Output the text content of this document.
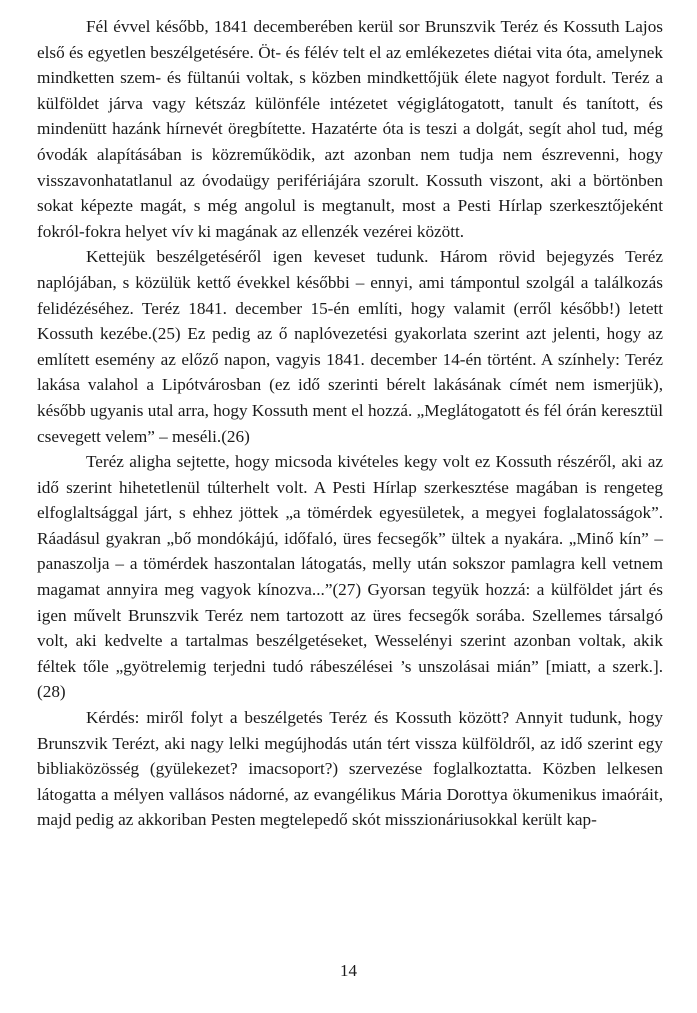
Fél évvel később, 1841 decemberében kerül sor Brunszvik Teréz és Kossuth Lajos első és egyetlen beszélgetésére. Öt- és félév telt el az emlékezetes diétai vita óta, amelynek mindketten szem- és fültanúi voltak, s közben mindkettőjük élete nagyot fordult. Teréz a külföldet járva vagy kétszáz különféle intézetet végiglátogatott, tanult és tanított, és mindenütt hazánk hírnevét öregbítette. Hazatérte óta is teszi a dolgát, segít ahol tud, még óvodák alapításában is közreműködik, azt azonban nem tudja nem észrevenni, hogy visszavonhatatlanul az óvodaügy perifériájára szorult. Kossuth viszont, aki a börtönben sokat képezte magát, s még angolul is megtanult, most a Pesti Hírlap szerkesztőjeként fokról-fokra helyet vív ki magának az ellenzék vezérei között.

Kettejük beszélgetéséről igen keveset tudunk. Három rövid bejegyzés Teréz naplójában, s közülük kettő évekkel későbbi – ennyi, ami támpontul szolgál a találkozás felidézéséhez. Teréz 1841. december 15-én említi, hogy valamit (erről később!) letett Kossuth kezébe.(25) Ez pedig az ő naplóvezetési gyakorlata szerint azt jelenti, hogy az említett esemény az előző napon, vagyis 1841. december 14-én történt. A színhely: Teréz lakása valahol a Lipótvárosban (ez idő szerinti bérelt lakásának címét nem ismerjük), később ugyanis utal arra, hogy Kossuth ment el hozzá. „Meglátogatott és fél órán keresztül csevegett velem” – meséli.(26)

Teréz aligha sejtette, hogy micsoda kivételes kegy volt ez Kossuth részéről, aki az idő szerint hihetetlenül túlterhelt volt. A Pesti Hírlap szerkesztése magában is rengeteg elfoglaltsággal járt, s ehhez jöttek „a tömérdek egyesületek, a megyei foglalatosságok”. Ráadásul gyakran „bő mondókájú, időfaló, üres fecsegők” ültek a nyakára. „Minő kín” – panaszolja – a tömérdek haszontalan látogatás, melly után sokszor pamlagra kell vetnem magamat annyira meg vagyok kínozva...”(27) Gyorsan tegyük hozzá: a külföldet járt és igen művelt Brunszvik Teréz nem tartozott az üres fecsegők sorába. Szellemes társalgó volt, aki kedvelte a tartalmas beszélgetéseket, Wesselényi szerint azonban voltak, akik féltek tőle „gyötrelemig terjedni tudó rábeszélései ’s unszolásai mián” [miatt, a szerk.].(28)

Kérdés: miről folyt a beszélgetés Teréz és Kossuth között? Annyit tudunk, hogy Brunszvik Terézt, aki nagy lelki megújhodás után tért vissza külföldről, az idő szerint egy bibliaközösség (gyülekezet? imacsoport?) szervezése foglalkoztatta. Közben lelkesen látogatta a mélyen vallásos nádorné, az evangélikus Mária Dorottya ökumenikus imaóráit, majd pedig az akkoriban Pesten megtelepedő skót misszionáriusokkal került kap-

14
